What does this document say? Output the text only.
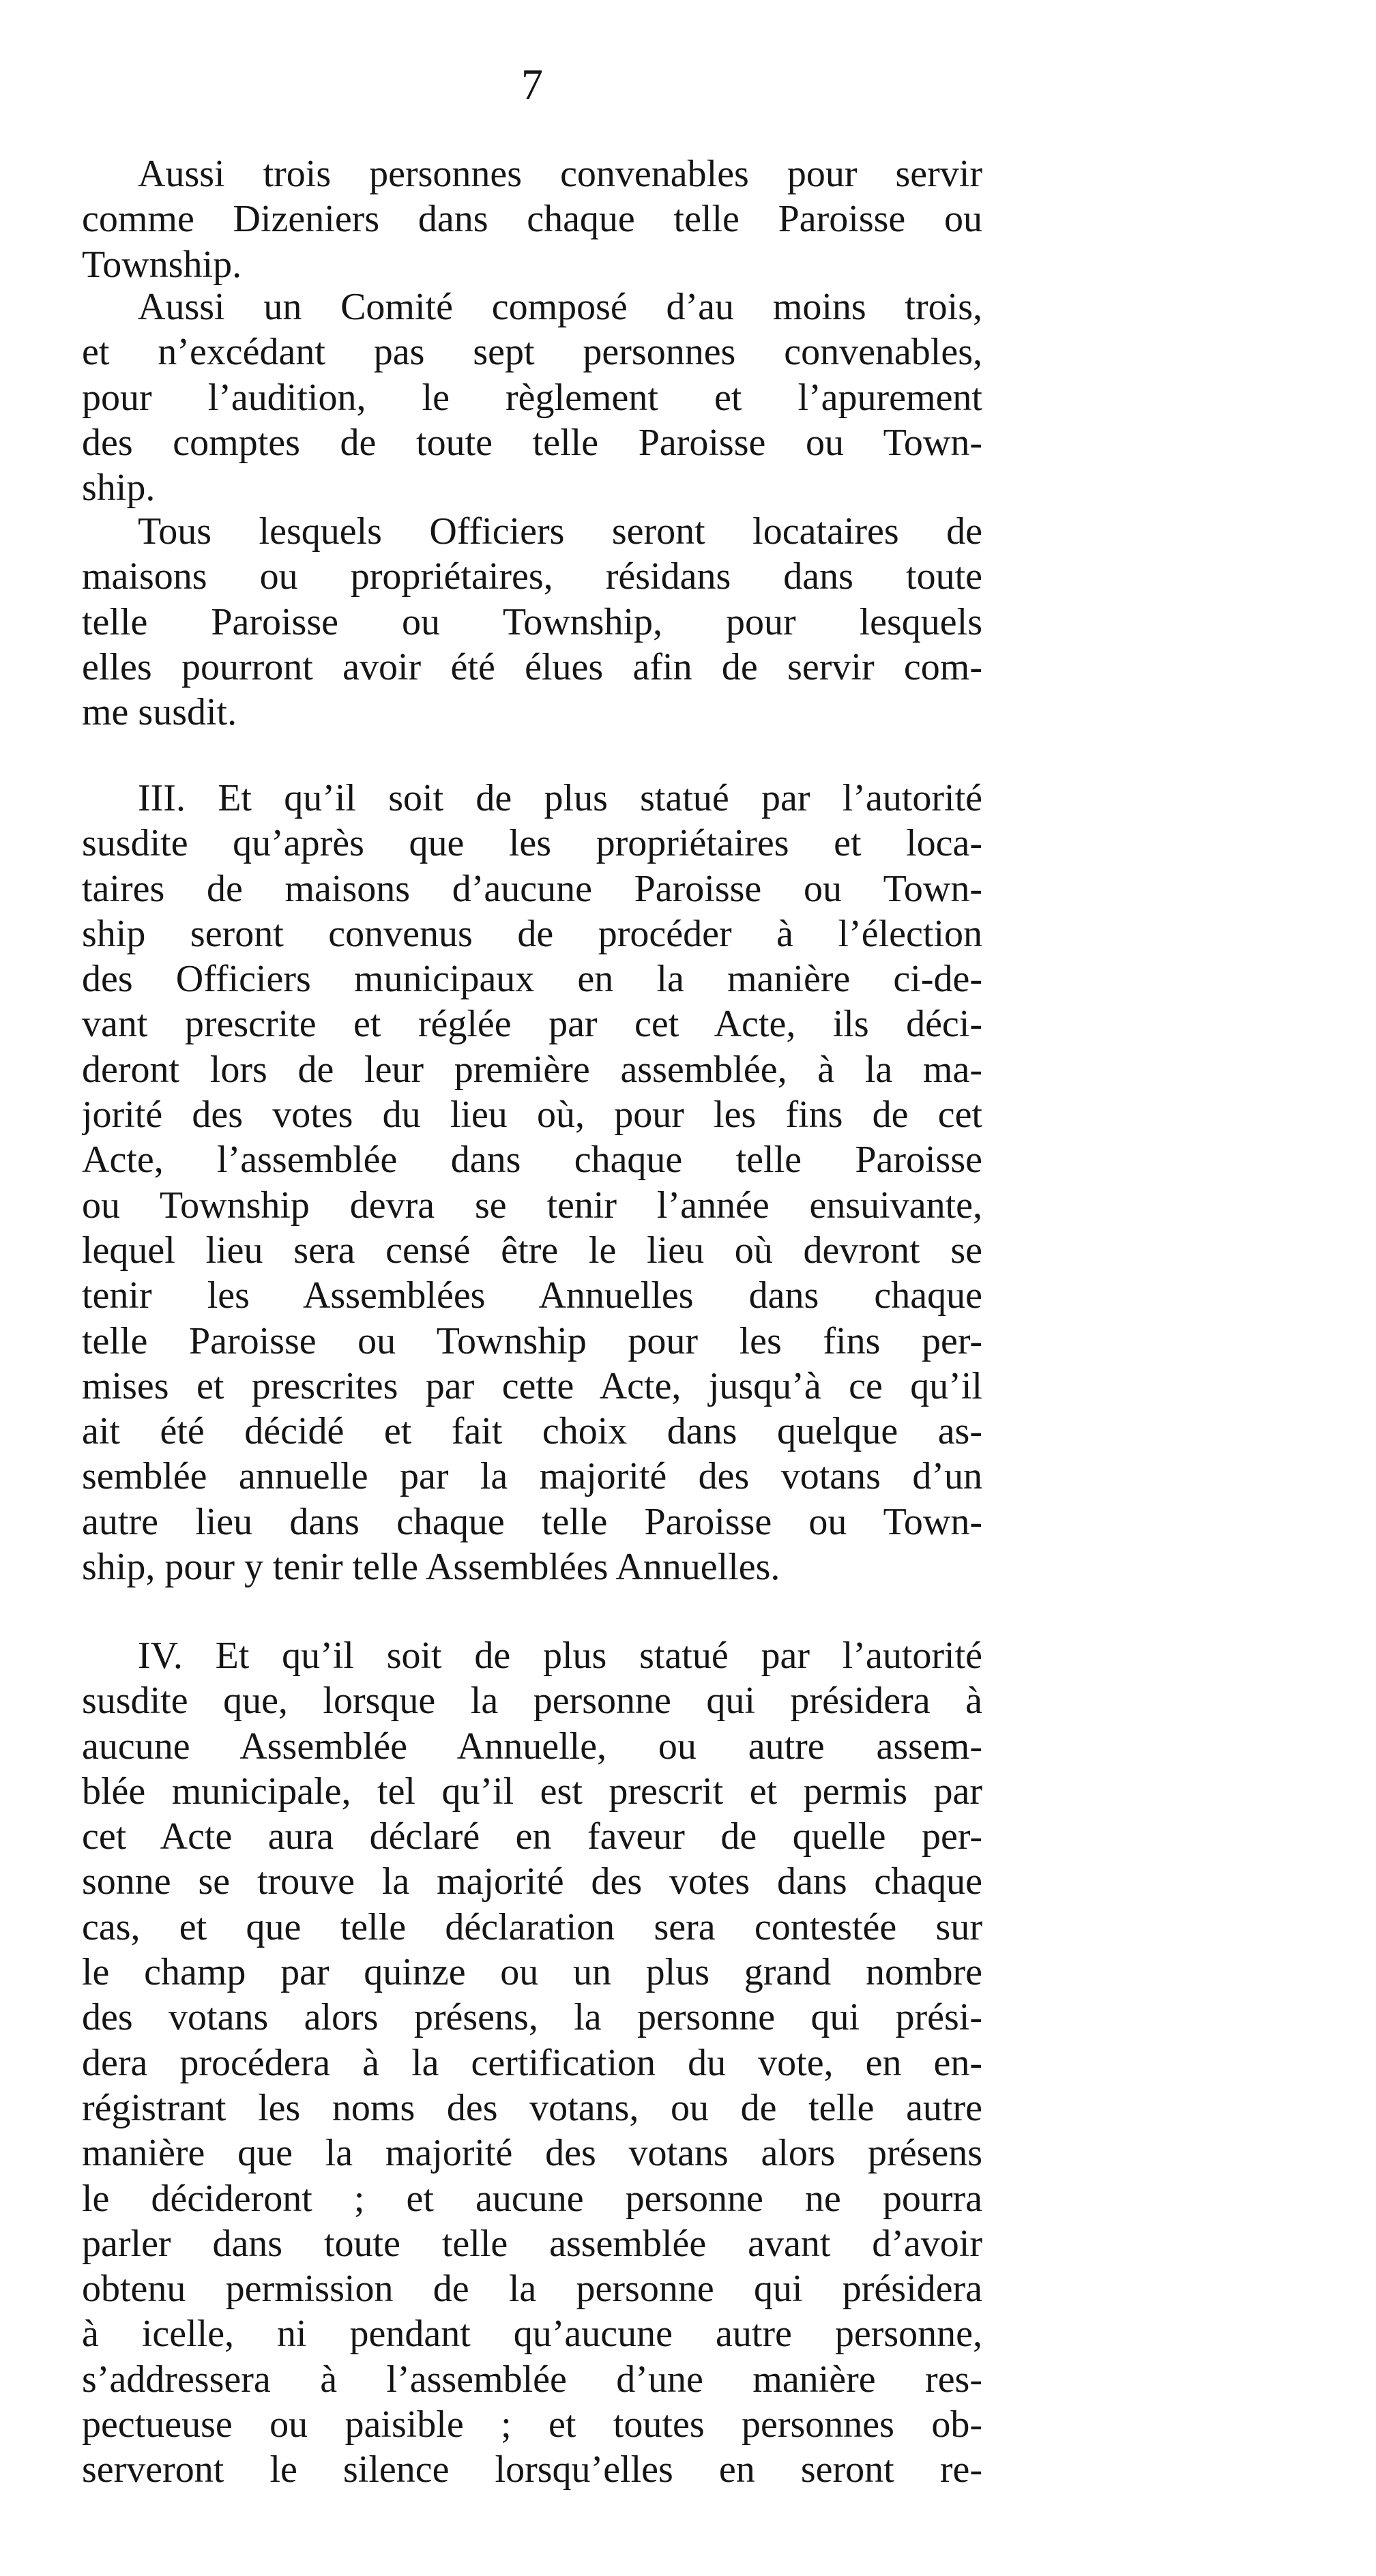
7
Aussi trois personnes convenables pour servir
comme Dizeniers dans chaque telle Paroisse ou
Township.
Aussi un Comité composé d’au moins trois,
et n’excédant pas sept personnes convenables,
pour l’audition, le règlement et l’apurement
des comptes de toute telle Paroisse ou Town-
ship.
Tous lesquels Officiers seront locataires de
maisons ou propriétaires, résidans dans toute
telle Paroisse ou Township, pour lesquels
elles pourront avoir été élues afin de servir com-
me susdit.
III. Et qu’il soit de plus statué par l’autorité
susdite qu’après que les propriétaires et loca-
taires de maisons d’aucune Paroisse ou Town-
ship seront convenus de procéder à l’élection
des Officiers municipaux en la manière ci-de-
vant prescrite et réglée par cet Acte, ils déci-
deront lors de leur première assemblée, à la ma-
jorité des votes du lieu où, pour les fins de cet
Acte, l’assemblée dans chaque telle Paroisse
ou Township devra se tenir l’année ensuivante,
lequel lieu sera censé être le lieu où devront se
tenir les Assemblées Annuelles dans chaque
telle Paroisse ou Township pour les fins per-
mises et prescrites par cette Acte, jusqu’à ce qu’il
ait été décidé et fait choix dans quelque as-
semblée annuelle par la majorité des votans d’un
autre lieu dans chaque telle Paroisse ou Town-
ship, pour y tenir telle Assemblées Annuelles.
IV. Et qu’il soit de plus statué par l’autorité
susdite que, lorsque la personne qui présidera à
aucune Assemblée Annuelle, ou autre assem-
blée municipale, tel qu’il est prescrit et permis par
cet Acte aura déclaré en faveur de quelle per-
sonne se trouve la majorité des votes dans chaque
cas, et que telle déclaration sera contestée sur
le champ par quinze ou un plus grand nombre
des votans alors présens, la personne qui prési-
dera procédera à la certification du vote, en en-
régistrant les noms des votans, ou de telle autre
manière que la majorité des votans alors présens
le décideront ; et aucune personne ne pourra
parler dans toute telle assemblée avant d’avoir
obtenu permission de la personne qui présidera
à icelle, ni pendant qu’aucune autre personne,
s’addressera à l’assemblée d’une manière res-
pectueuse ou paisible ; et toutes personnes ob-
serveront le silence lorsqu’elles en seront re-
